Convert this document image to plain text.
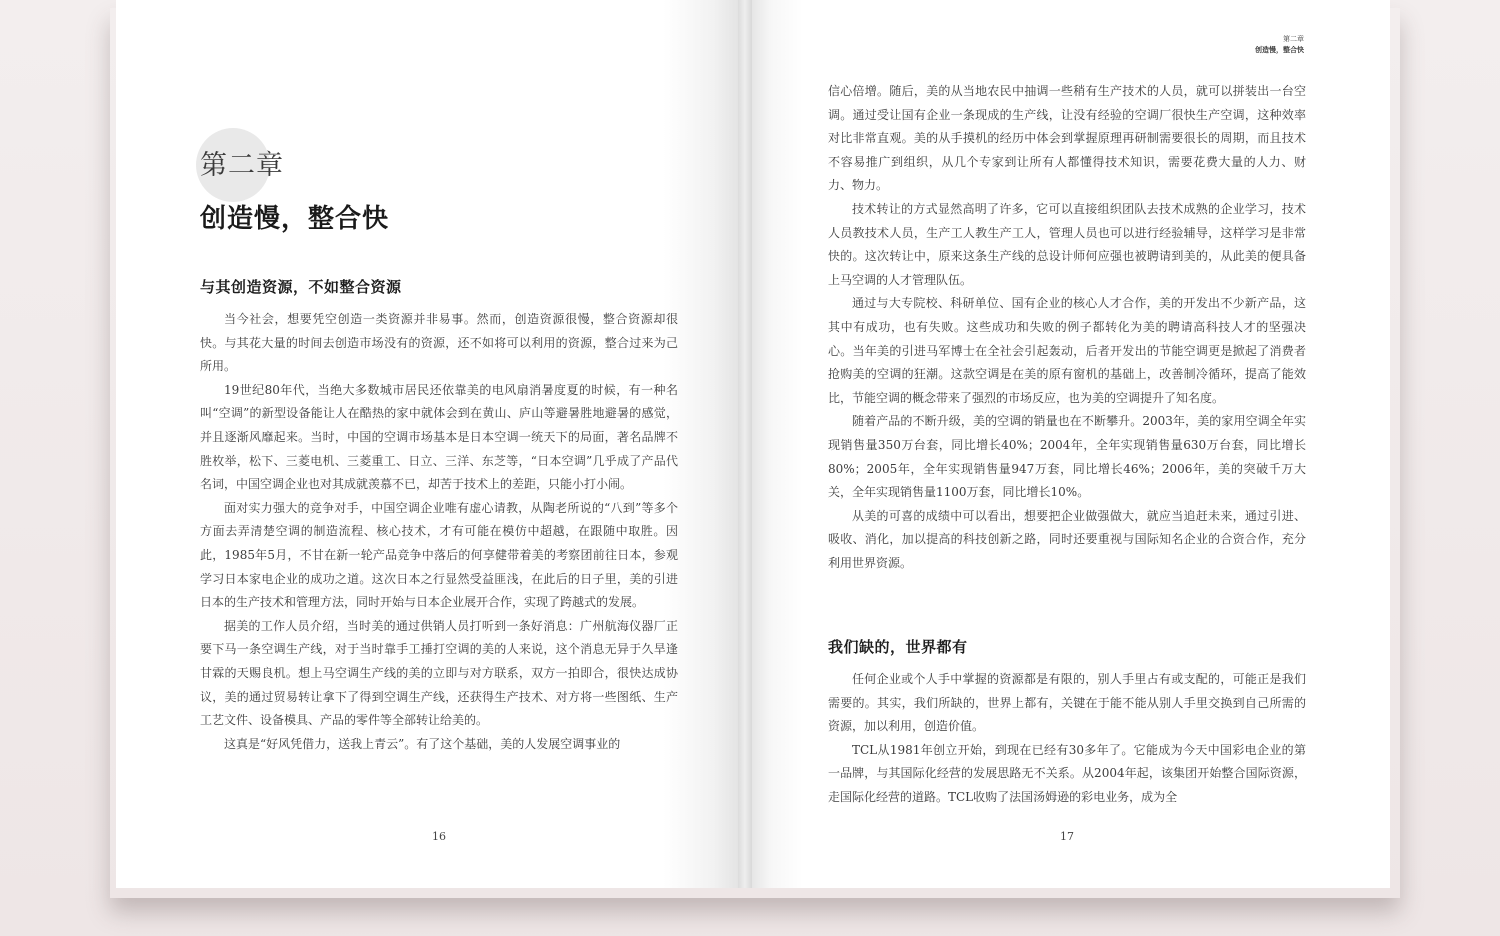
第二章
创造慢，整合快
与其创造资源，不如整合资源

当今社会，想要凭空创造一类资源并非易事。然而，创造资源很慢，整合资源却很快。与其花大量的时间去创造市场没有的资源，还不如将可以利用的资源，整合过来为己所用。

19世纪80年代，当绝大多数城市居民还依靠美的电风扇消暑度夏的时候，有一种名叫“空调”的新型设备能让人在酷热的家中就体会到在黄山、庐山等避暑胜地避暑的感觉，并且逐渐风靡起来。当时，中国的空调市场基本是日本空调一统天下的局面，著名品牌不胜枚举，松下、三菱电机、三菱重工、日立、三洋、东芝等，“日本空调”几乎成了产品代名词，中国空调企业也对其成就羡慕不已，却苦于技术上的差距，只能小打小闹。

面对实力强大的竞争对手，中国空调企业唯有虚心请教，从陶老所说的“八到”等多个方面去弄清楚空调的制造流程、核心技术，才有可能在模仿中超越，在跟随中取胜。因此，1985年5月，不甘在新一轮产品竞争中落后的何享健带着美的考察团前往日本，参观学习日本家电企业的成功之道。这次日本之行显然受益匪浅，在此后的日子里，美的引进日本的生产技术和管理方法，同时开始与日本企业展开合作，实现了跨越式的发展。

据美的工作人员介绍，当时美的通过供销人员打听到一条好消息：广州航海仪器厂正要下马一条空调生产线，对于当时靠手工捶打空调的美的人来说，这个消息无异于久旱逢甘霖的天赐良机。想上马空调生产线的美的立即与对方联系，双方一拍即合，很快达成协议，美的通过贸易转让拿下了得到空调生产线，还获得生产技术、对方将一些图纸、生产工艺文件、设备模具、产品的零件等全部转让给美的。

这真是“好风凭借力，送我上青云”。有了这个基础，美的人发展空调事业的

16
第二章
创造慢，整合快

信心倍增。随后，美的从当地农民中抽调一些稍有生产技术的人员，就可以拼装出一台空调。通过受让国有企业一条现成的生产线，让没有经验的空调厂很快生产空调，这种效率对比非常直观。美的从手摸机的经历中体会到掌握原理再研制需要很长的周期，而且技术不容易推广到组织，从几个专家到让所有人都懂得技术知识，需要花费大量的人力、财力、物力。

技术转让的方式显然高明了许多，它可以直接组织团队去技术成熟的企业学习，技术人员教技术人员，生产工人教生产工人，管理人员也可以进行经验辅导，这样学习是非常快的。这次转让中，原来这条生产线的总设计师何应强也被聘请到美的，从此美的便具备上马空调的人才管理队伍。

通过与大专院校、科研单位、国有企业的核心人才合作，美的开发出不少新产品，这其中有成功，也有失败。这些成功和失败的例子都转化为美的聘请高科技人才的坚强决心。当年美的引进马军博士在全社会引起轰动，后者开发出的节能空调更是掀起了消费者抢购美的空调的狂潮。这款空调是在美的原有窗机的基础上，改善制冷循环，提高了能效比，节能空调的概念带来了强烈的市场反应，也为美的空调提升了知名度。

随着产品的不断升级，美的空调的销量也在不断攀升。2003年，美的家用空调全年实现销售量350万台套，同比增长40%；2004年，全年实现销售量630万台套，同比增长80%；2005年，全年实现销售量947万套，同比增长46%；2006年，美的突破千万大关，全年实现销售量1100万套，同比增长10%。

从美的可喜的成绩中可以看出，想要把企业做强做大，就应当追赶未来，通过引进、吸收、消化，加以提高的科技创新之路，同时还要重视与国际知名企业的合资合作，充分利用世界资源。

我们缺的，世界都有

任何企业或个人手中掌握的资源都是有限的，别人手里占有或支配的，可能正是我们需要的。其实，我们所缺的，世界上都有，关键在于能不能从别人手里交换到自己所需的资源，加以利用，创造价值。

TCL从1981年创立开始，到现在已经有30多年了。它能成为今天中国彩电企业的第一品牌，与其国际化经营的发展思路无不关系。从2004年起，该集团开始整合国际资源，走国际化经营的道路。TCL收购了法国汤姆逊的彩电业务，成为全

17
